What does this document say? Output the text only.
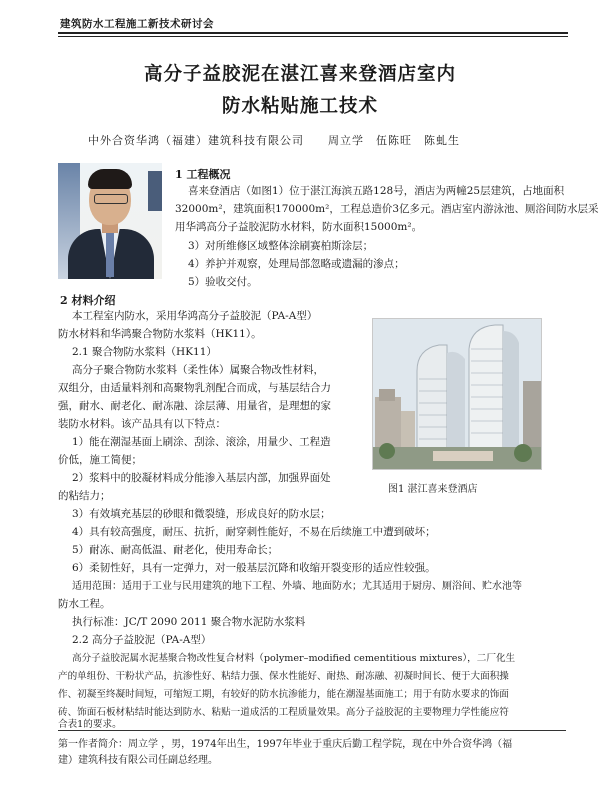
建筑防水工程施工新技术研讨会
高分子益胶泥在湛江喜来登酒店室内
防水粘贴施工技术
中外合资华鸿（福建）建筑科技有限公司　　周立学　伍陈旺　陈虬生
1 工程概况
喜来登酒店（如图1）位于湛江海滨五路128号，酒店为两幢25层建筑，占地面积
32000m²，建筑面积170000m²，工程总造价3亿多元。酒店室内游泳池、厕浴间防水层采
用华鸿高分子益胶泥防水材料，防水面积15000m²。
3）对所维修区域整体涂刷赛柏斯涂层；
4）养护并观察，处理局部忽略或遗漏的渗点；
5）验收交付。
2 材料介绍
本工程室内防水，采用华鸿高分子益胶泥（PA-A型）
防水材料和华鸿聚合物防水浆料（HK11）。
2.1 聚合物防水浆料（HK11）
高分子聚合物防水浆料（柔性体）属聚合物改性材料，
双组分，由适量料剂和高聚物乳剂配合而成，与基层结合力
强，耐水、耐老化、耐冻融、涂层薄、用量省，是理想的家
装防水材料。该产品具有以下特点：
1）能在潮湿基面上刷涂、刮涂、滚涂，用量少、工程造
价低，施工简便；
2）浆料中的胶凝材料成分能渗入基层内部，加强界面处
的粘结力；
3）有效填充基层的砂眼和微裂缝，形成良好的防水层；
4）具有较高强度，耐压、抗折，耐穿刺性能好，不易在后续施工中遭到破坏；
5）耐冻、耐高低温、耐老化，使用寿命长；
6）柔韧性好，具有一定弹力，对一般基层沉降和收缩开裂变形的适应性较强。
适用范围：适用于工业与民用建筑的地下工程、外墙、地面防水；尤其适用于厨房、厕浴间、贮水池等
防水工程。
执行标准：JC/T 2090 2011 聚合物水泥防水浆料
2.2 高分子益胶泥（PA-A型）
高分子益胶泥属水泥基聚合物改性复合材料（polymer–modified cementitious mixtures），二厂化生
产的单组份、干粉状产品，抗渗性好、粘结力强、保水性能好、耐热、耐冻融、初凝时间长、便于大面积操
作、初凝至终凝时间短，可缩短工期，有较好的防水抗渗能力，能在潮湿基面施工；用于有防水要求的饰面
砖、饰面石板材粘结时能达到防水、粘贴一道成活的工程质量效果。高分子益胶泥的主要物理力学性能应符
合表1的要求。
图1 湛江喜来登酒店
第一作者简介：周立学 ，男，1974年出生，1997年毕业于重庆后勤工程学院，现在中外合资华鸿（福
建）建筑科技有限公司任副总经理。
